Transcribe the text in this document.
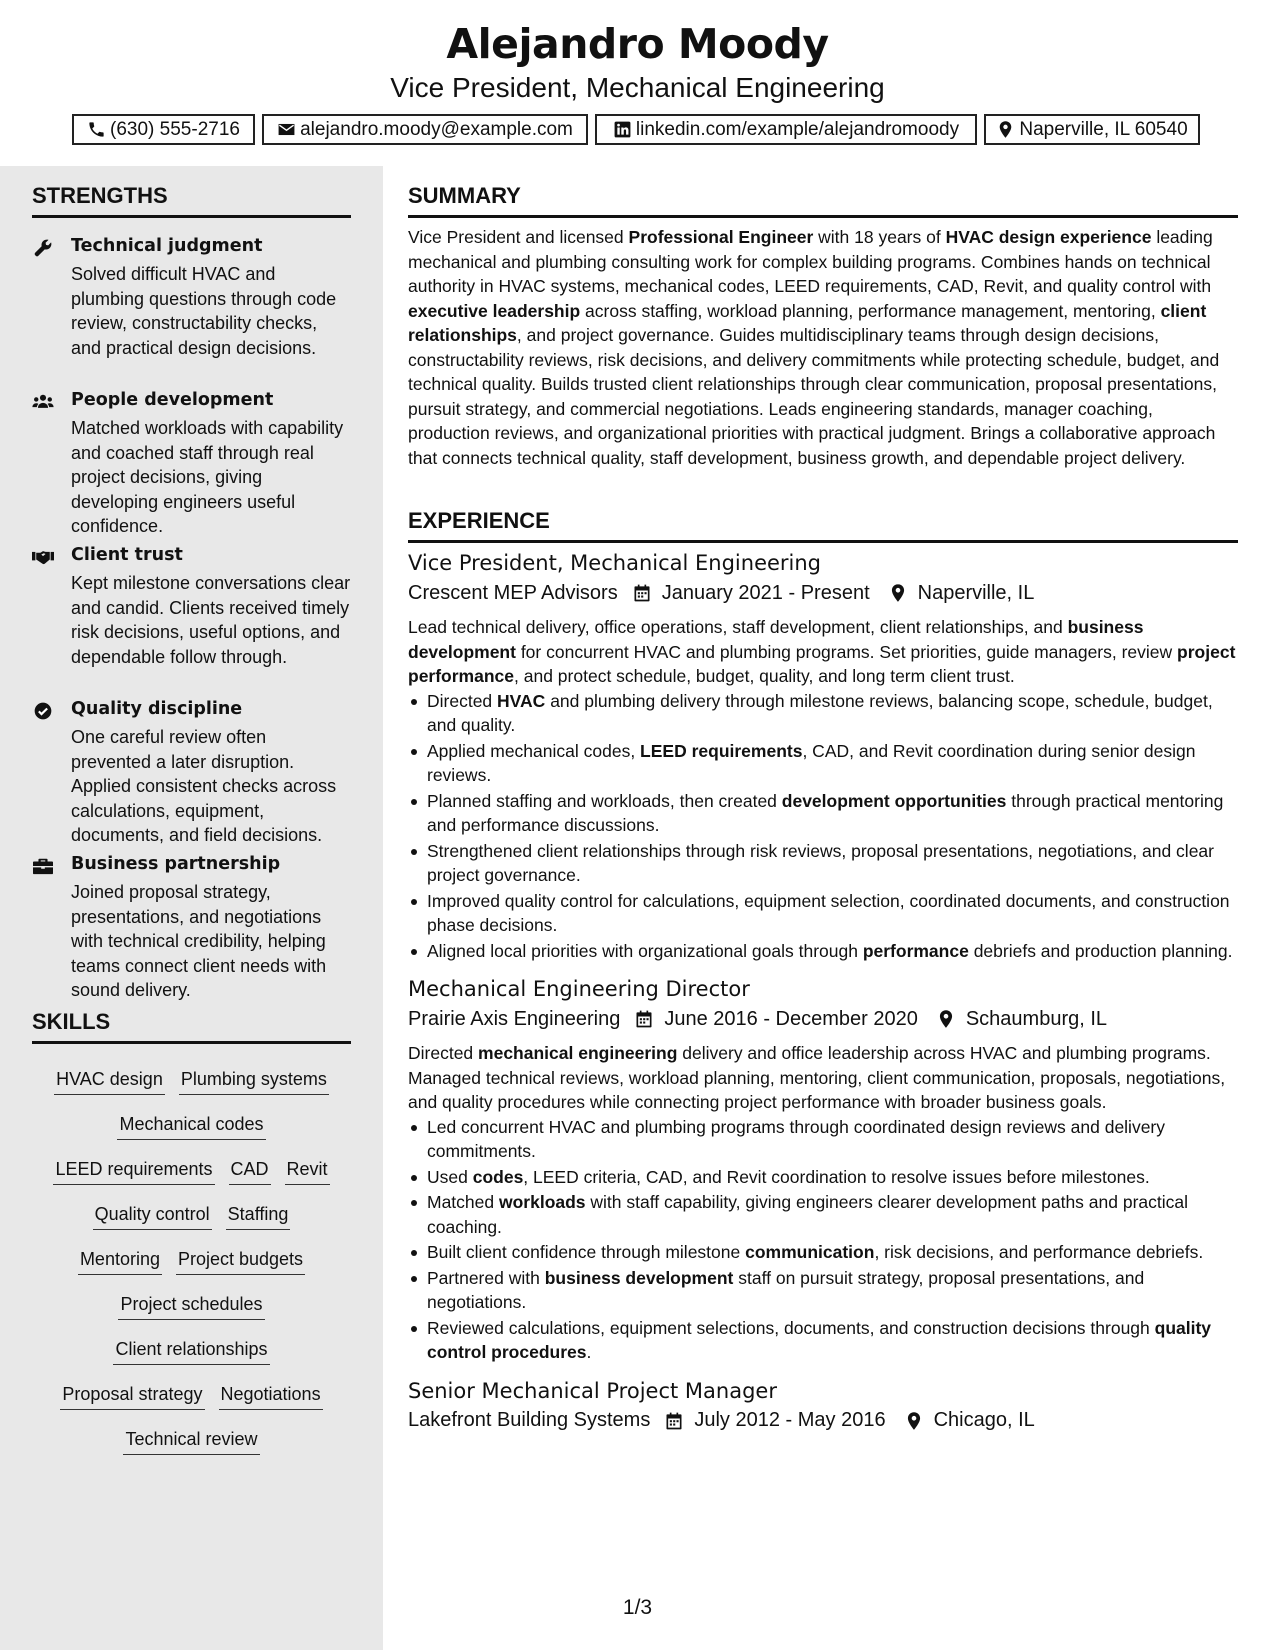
Alejandro Moody
Vice President, Mechanical Engineering
(630) 555-2716	alejandro.moody@example.com	linkedin.com/example/alejandromoody	Naperville, IL 60540
STRENGTHS
Technical judgment
Solved difficult HVAC and plumbing questions through code review, constructability checks, and practical design decisions.
People development
Matched workloads with capability and coached staff through real project decisions, giving developing engineers useful confidence.
Client trust
Kept milestone conversations clear and candid. Clients received timely risk decisions, useful options, and dependable follow through.
Quality discipline
One careful review often prevented a later disruption. Applied consistent checks across calculations, equipment, documents, and field decisions.
Business partnership
Joined proposal strategy, presentations, and negotiations with technical credibility, helping teams connect client needs with sound delivery.
SKILLS
HVAC design Plumbing systems
Mechanical codes
LEED requirements CAD Revit
Quality control Staffing
Mentoring Project budgets
Project schedules
Client relationships
Proposal strategy Negotiations
Technical review
SUMMARY
Vice President and licensed Professional Engineer with 18 years of HVAC design experience leading mechanical and plumbing consulting work for complex building programs. Combines hands on technical authority in HVAC systems, mechanical codes, LEED requirements, CAD, Revit, and quality control with executive leadership across staffing, workload planning, performance management, mentoring, client relationships, and project governance. Guides multidisciplinary teams through design decisions, constructability reviews, risk decisions, and delivery commitments while protecting schedule, budget, and technical quality. Builds trusted client relationships through clear communication, proposal presentations, pursuit strategy, and commercial negotiations. Leads engineering standards, manager coaching, production reviews, and organizational priorities with practical judgment. Brings a collaborative approach that connects technical quality, staff development, business growth, and dependable project delivery.
EXPERIENCE
Vice President, Mechanical Engineering
Crescent MEP Advisors January 2021 - Present Naperville, IL
Lead technical delivery, office operations, staff development, client relationships, and business development for concurrent HVAC and plumbing programs. Set priorities, guide managers, review project performance, and protect schedule, budget, quality, and long term client trust.
Directed HVAC and plumbing delivery through milestone reviews, balancing scope, schedule, budget, and quality.
Applied mechanical codes, LEED requirements, CAD, and Revit coordination during senior design reviews.
Planned staffing and workloads, then created development opportunities through practical mentoring and performance discussions.
Strengthened client relationships through risk reviews, proposal presentations, negotiations, and clear project governance.
Improved quality control for calculations, equipment selection, coordinated documents, and construction phase decisions.
Aligned local priorities with organizational goals through performance debriefs and production planning.
Mechanical Engineering Director
Prairie Axis Engineering June 2016 - December 2020 Schaumburg, IL
Directed mechanical engineering delivery and office leadership across HVAC and plumbing programs. Managed technical reviews, workload planning, mentoring, client communication, proposals, negotiations, and quality procedures while connecting project performance with broader business goals.
Led concurrent HVAC and plumbing programs through coordinated design reviews and delivery commitments.
Used codes, LEED criteria, CAD, and Revit coordination to resolve issues before milestones.
Matched workloads with staff capability, giving engineers clearer development paths and practical coaching.
Built client confidence through milestone communication, risk decisions, and performance debriefs.
Partnered with business development staff on pursuit strategy, proposal presentations, and negotiations.
Reviewed calculations, equipment selections, documents, and construction decisions through quality control procedures.
Senior Mechanical Project Manager
Lakefront Building Systems July 2012 - May 2016 Chicago, IL
1/3
